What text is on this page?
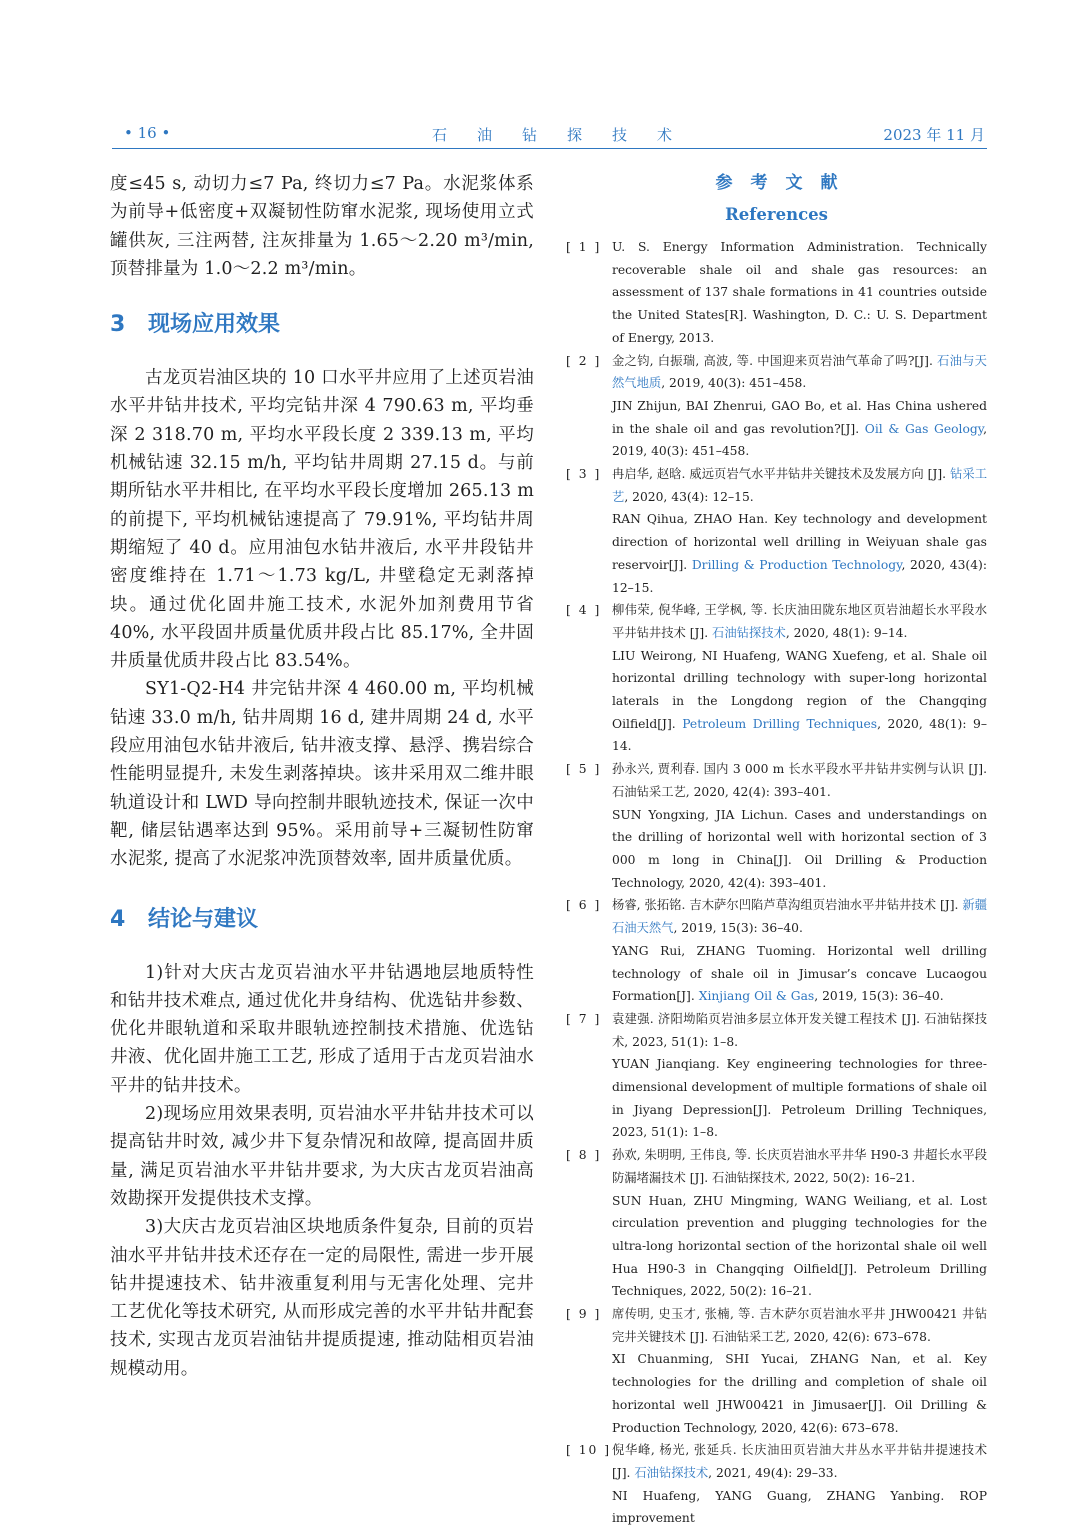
• 16 •	石油钻探技术	2023 年 11 月

度≤45 s, 动切力≤7 Pa, 终切力≤7 Pa。水泥浆体系为前导+低密度+双凝韧性防窜水泥浆, 现场使用立式罐供灰, 三注两替, 注灰排量为 1.65～2.20 m³/min, 顶替排量为 1.0～2.2 m³/min。

3 现场应用效果

古龙页岩油区块的 10 口水平井应用了上述页岩油水平井钻井技术, 平均完钻井深 4 790.63 m, 平均垂深 2 318.70 m, 平均水平段长度 2 339.13 m, 平均机械钻速 32.15 m/h, 平均钻井周期 27.15 d。与前期所钻水平井相比, 在平均水平段长度增加 265.13 m 的前提下, 平均机械钻速提高了 79.91%, 平均钻井周期缩短了 40 d。应用油包水钻井液后, 水平井段钻井密度维持在 1.71～1.73 kg/L, 井壁稳定无剥落掉块。通过优化固井施工技术, 水泥外加剂费用节省 40%, 水平段固井质量优质井段占比 85.17%, 全井固井质量优质井段占比 83.54%。

SY1-Q2-H4 井完钻井深 4 460.00 m, 平均机械钻速 33.0 m/h, 钻井周期 16 d, 建井周期 24 d, 水平段应用油包水钻井液后, 钻井液支撑、悬浮、携岩综合性能明显提升, 未发生剥落掉块。该井采用双二维井眼轨道设计和 LWD 导向控制井眼轨迹技术, 保证一次中靶, 储层钻遇率达到 95%。采用前导+三凝韧性防窜水泥浆, 提高了水泥浆冲洗顶替效率, 固井质量优质。

4 结论与建议

1)针对大庆古龙页岩油水平井钻遇地层地质特性和钻井技术难点, 通过优化井身结构、优选钻井参数、优化井眼轨道和采取井眼轨迹控制技术措施、优选钻井液、优化固井施工工艺, 形成了适用于古龙页岩油水平井的钻井技术。

2)现场应用效果表明, 页岩油水平井钻井技术可以提高钻井时效, 减少井下复杂情况和故障, 提高固井质量, 满足页岩油水平井钻井要求, 为大庆古龙页岩油高效勘探开发提供技术支撑。

3)大庆古龙页岩油区块地质条件复杂, 目前的页岩油水平井钻井技术还存在一定的局限性, 需进一步开展钻井提速技术、钻井液重复利用与无害化处理、完井工艺优化等技术研究, 从而形成完善的水平井钻井配套技术, 实现古龙页岩油钻井提质提速, 推动陆相页岩油规模动用。

参考文献

References

[ 1 ] U. S. Energy Information Administration. Technically recoverable shale oil and shale gas resources: an assessment of 137 shale formations in 41 countries outside the United States[R]. Washington, D. C.: U. S. Department of Energy, 2013.
[ 2 ] 金之钧, 白振瑞, 高波, 等. 中国迎来页岩油气革命了吗?[J]. 石油与天然气地质, 2019, 40(3): 451–458.
JIN Zhijun, BAI Zhenrui, GAO Bo, et al. Has China ushered in the shale oil and gas revolution?[J]. Oil & Gas Geology, 2019, 40(3): 451–458.
[ 3 ] 冉启华, 赵晗. 威远页岩气水平井钻井关键技术及发展方向 [J]. 钻采工艺, 2020, 43(4): 12–15.
RAN Qihua, ZHAO Han. Key technology and development direction of horizontal well drilling in Weiyuan shale gas reservoir[J]. Drilling & Production Technology, 2020, 43(4): 12–15.
[ 4 ] 柳伟荣, 倪华峰, 王学枫, 等. 长庆油田陇东地区页岩油超长水平段水平井钻井技术 [J]. 石油钻探技术, 2020, 48(1): 9–14.
LIU Weirong, NI Huafeng, WANG Xuefeng, et al. Shale oil horizontal drilling technology with super-long horizontal laterals in the Longdong region of the Changqing Oilfield[J]. Petroleum Drilling Techniques, 2020, 48(1): 9–14.
[ 5 ] 孙永兴, 贾利春. 国内 3 000 m 长水平段水平井钻井实例与认识 [J]. 石油钻采工艺, 2020, 42(4): 393–401.
SUN Yongxing, JIA Lichun. Cases and understandings on the drilling of horizontal well with horizontal section of 3 000 m long in China[J]. Oil Drilling & Production Technology, 2020, 42(4): 393–401.
[ 6 ] 杨睿, 张拓铭. 吉木萨尔凹陷芦草沟组页岩油水平井钻井技术 [J]. 新疆石油天然气, 2019, 15(3): 36–40.
YANG Rui, ZHANG Tuoming. Horizontal well drilling technology of shale oil in Jimusar’s concave Lucaogou Formation[J]. Xinjiang Oil & Gas, 2019, 15(3): 36–40.
[ 7 ] 袁建强. 济阳坳陷页岩油多层立体开发关键工程技术 [J]. 石油钻探技术, 2023, 51(1): 1–8.
YUAN Jianqiang. Key engineering technologies for three-dimensional development of multiple formations of shale oil in Jiyang Depression[J]. Petroleum Drilling Techniques, 2023, 51(1): 1–8.
[ 8 ] 孙欢, 朱明明, 王伟良, 等. 长庆页岩油水平井华 H90-3 井超长水平段防漏堵漏技术 [J]. 石油钻探技术, 2022, 50(2): 16–21.
SUN Huan, ZHU Mingming, WANG Weiliang, et al. Lost circulation prevention and plugging technologies for the ultra-long horizontal section of the horizontal shale oil well Hua H90-3 in Changqing Oilfield[J]. Petroleum Drilling Techniques, 2022, 50(2): 16–21.
[ 9 ] 席传明, 史玉才, 张楠, 等. 吉木萨尔页岩油水平井 JHW00421 井钻完井关键技术 [J]. 石油钻采工艺, 2020, 42(6): 673–678.
XI Chuanming, SHI Yucai, ZHANG Nan, et al. Key technologies for the drilling and completion of shale oil horizontal well JHW00421 in Jimusaer[J]. Oil Drilling & Production Technology, 2020, 42(6): 673–678.
[ 10 ] 倪华峰, 杨光, 张延兵. 长庆油田页岩油大井丛水平井钻井提速技术 [J]. 石油钻探技术, 2021, 49(4): 29–33.
NI Huafeng, YANG Guang, ZHANG Yanbing. ROP improvement
